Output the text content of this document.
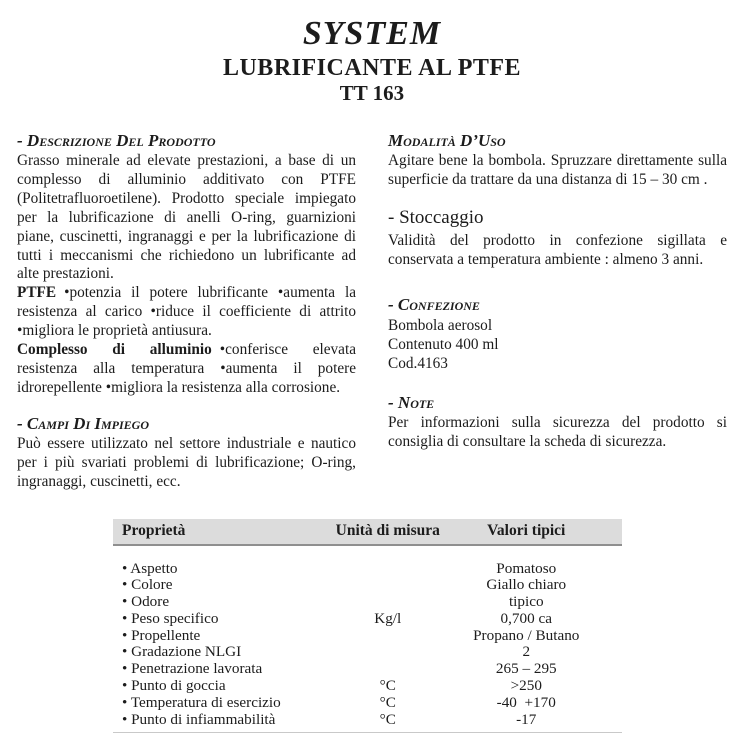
SYSTEM
LUBRIFICANTE AL PTFE
TT 163
- Descrizione Del Prodotto

Grasso minerale ad elevate prestazioni, a base di un complesso di alluminio additivato con PTFE (Politetrafluoroetilene). Prodotto speciale impiegato per la lubrificazione di anelli O-ring, guarnizioni piane, cuscinetti, ingranaggi e per la lubrificazione di tutti i meccanismi che richiedono un lubrificante ad alte prestazioni.

PTFE •potenzia il potere lubrificante •aumenta la resistenza al carico •riduce il coefficiente di attrito •migliora le proprietà antiusura.

Complesso di alluminio •conferisce elevata resistenza alla temperatura •aumenta il potere idrorepellente •migliora la resistenza alla corrosione.

- Campi Di Impiego

Può essere utilizzato nel settore industriale e nautico per i più svariati problemi di lubrificazione; O-ring, ingranaggi, cuscinetti, ecc.

Modalità D’Uso

Agitare bene la bombola. Spruzzare direttamente sulla superficie da trattare da una distanza di 15 – 30 cm .

- Stoccaggio

Validità del prodotto in confezione sigillata e conservata a temperatura ambiente : almeno 3 anni.

- Confezione
Bombola aerosol
Contenuto 400 ml
Cod.4163
- Note

Per informazioni sulla sicurezza del prodotto si consiglia di consultare la scheda di sicurezza.

Proprietà	Unità di misura	Valori tipici
• Aspetto		Pomatoso
• Colore		Giallo chiaro
• Odore		tipico
• Peso specifico	Kg/l	0,700 ca
• Propellente		Propano / Butano
• Gradazione NLGI		2
• Penetrazione lavorata		265 – 295
• Punto di goccia	°C	>250
• Temperatura di esercizio	°C	-40  +170
• Punto di infiammabilità	°C	-17
